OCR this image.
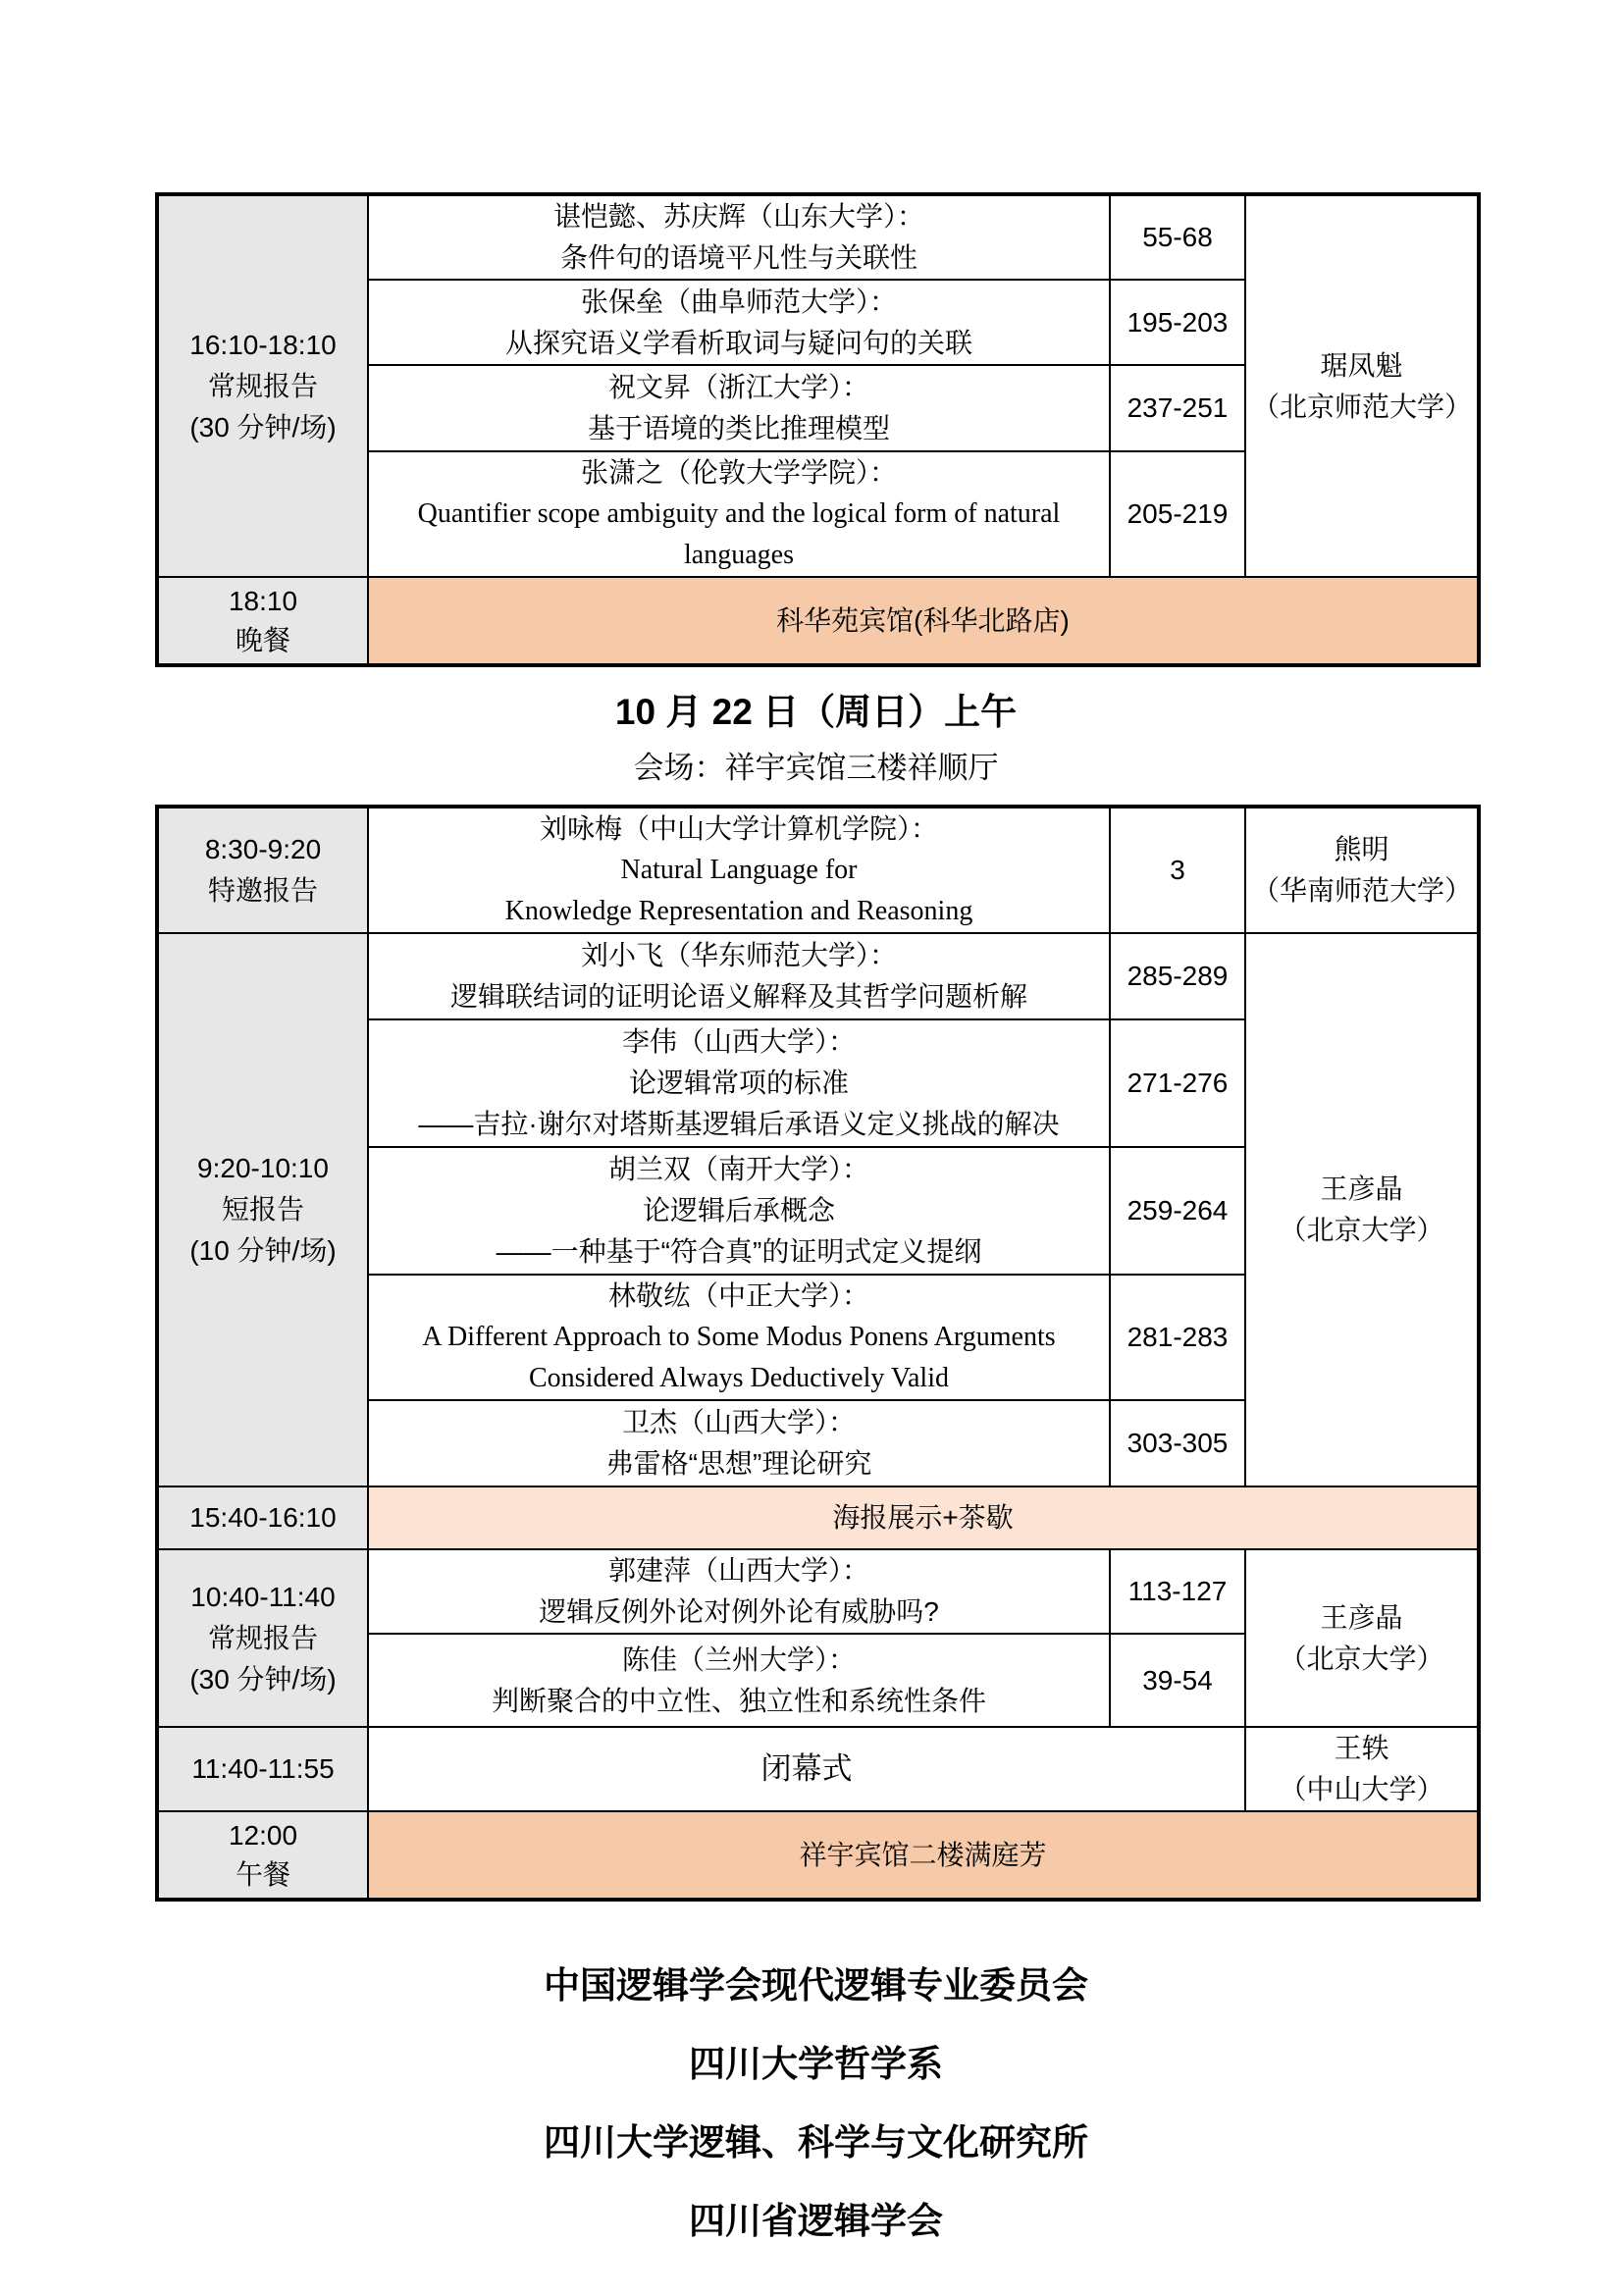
16:10-18:10
常规报告
(30 分钟/场)

谌恺懿、苏庆辉（山东大学）：
条件句的语境平凡性与关联性
	55-68	
琚凤魁
（北京师范大学）

	张保垒（曲阜师范大学）：
从探究语义学看析取词与疑问句的关联	195-203	

	祝文昇（浙江大学）：
基于语境的类比推理模型	237-251	

	张潇之（伦敦大学学院）：
Quantifier scope ambiguity and the logical form of natural languages	205-219	

18:10
晚餐	科华苑宾馆(科华北路店)		
10 月 22 日（周日）上午
会场：祥宇宾馆三楼祥顺厅
8:30-9:20
特邀报告

刘咏梅（中山大学计算机学院）：
Natural Language for
Knowledge Representation and Reasoning
	3	
熊明
（华南师范大学）

9:20-10:10
短报告
(10 分钟/场)

刘小飞（华东师范大学）：
逻辑联结词的证明论语义解释及其哲学问题析解
	285-289	
王彦晶
（北京大学）

	李伟（山西大学）：
论逻辑常项的标准
——吉拉·谢尔对塔斯基逻辑后承语义定义挑战的解决	271-276	

	胡兰双（南开大学）：
论逻辑后承概念
——一种基于“符合真”的证明式定义提纲	259-264	

	林敬纮（中正大学）：
A Different Approach to Some Modus Ponens Arguments
Considered Always Deductively Valid	281-283	

	卫杰（山西大学）：
弗雷格“思想”理论研究	303-305	
15:40-16:10	海报展示+茶歇		

10:40-11:40
常规报告
(30 分钟/场)

郭建萍（山西大学）：
逻辑反例外论对例外论有威胁吗?
	113-127	
王彦晶
（北京大学）

	陈佳（兰州大学）：
判断聚合的中立性、独立性和系统性条件	39-54	
11:40-11:55	闭幕式		王轶
（中山大学）

12:00
午餐	祥宇宾馆二楼满庭芳		
中国逻辑学会现代逻辑专业委员会
四川大学哲学系
四川大学逻辑、科学与文化研究所
四川省逻辑学会
